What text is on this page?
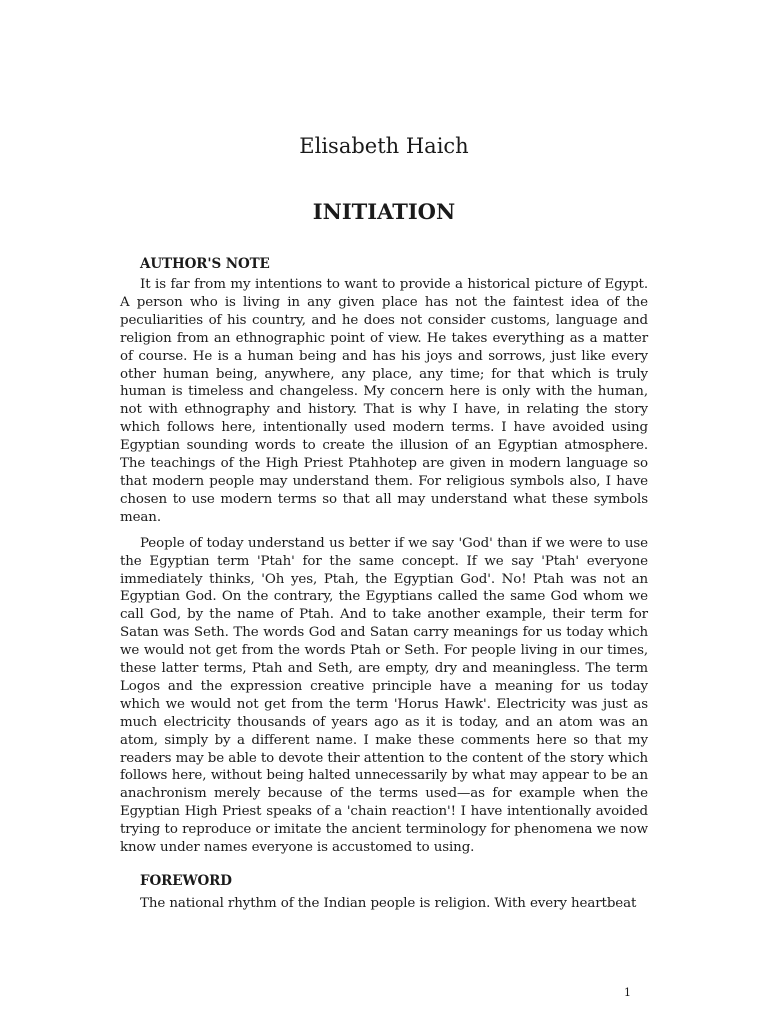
Elisabeth Haich
INITIATION
AUTHOR'S NOTE

It is far from my intentions to want to provide a historical picture of Egypt. A person who is living in any given place has not the faintest idea of the peculiarities of his country, and he does not consider customs, language and religion from an ethnographic point of view. He takes everything as a matter of course. He is a human being and has his joys and sorrows, just like every other human being, anywhere, any place, any time; for that which is truly human is timeless and changeless. My concern here is only with the human, not with ethnography and history. That is why I have, in relating the story which follows here, intentionally used modern terms. I have avoided using Egyptian sounding words to create the illusion of an Egyptian atmosphere. The teachings of the High Priest Ptahhotep are given in modern language so that modern people may understand them. For religious symbols also, I have chosen to use modern terms so that all may understand what these symbols mean.

People of today understand us better if we say 'God' than if we were to use the Egyptian term 'Ptah' for the same concept. If we say 'Ptah' everyone immediately thinks, 'Oh yes, Ptah, the Egyptian God'. No! Ptah was not an Egyptian God. On the contrary, the Egyptians called the same God whom we call God, by the name of Ptah. And to take another example, their term for Satan was Seth. The words God and Satan carry meanings for us today which we would not get from the words Ptah or Seth. For people living in our times, these latter terms, Ptah and Seth, are empty, dry and meaningless. The term Logos and the expression creative principle have a meaning for us today which we would not get from the term 'Horus Hawk'. Electricity was just as much electricity thousands of years ago as it is today, and an atom was an atom, simply by a different name. I make these comments here so that my readers may be able to devote their attention to the content of the story which follows here, without being halted unnecessarily by what may appear to be an anachronism merely because of the terms used—as for example when the Egyptian High Priest speaks of a 'chain reaction'! I have intentionally avoided trying to reproduce or imitate the ancient terminology for phenomena we now know under names everyone is accustomed to using.

FOREWORD

The national rhythm of the Indian people is religion. With every heartbeat

1
